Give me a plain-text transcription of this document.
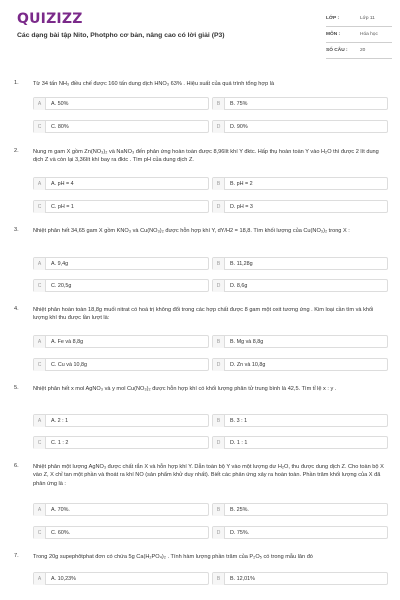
QUIZIZZ
Các dạng bài tập Nito, Photpho cơ bản, nâng cao có lời giải (P3)
LỚP :	Lớp 11
MÔN :	Hóa học
SỐ CÂU :	20
1.	Từ 34 tấn NH₃ điều chế được 160 tấn dung dịch HNO₃ 63% . Hiệu suất của quá trình tổng hợp là
A	A. 50%	B	B. 75%
C	C. 80%	D	D. 90%
2.	Nung m gam X gồm Zn(NO₃)₂ và NaNO₃ đến phản ứng hoàn toàn được 8,96lít khí Y đktc. Hấp thụ hoàn toàn Y vào H₂O thì được 2 lít dung dịch Z và còn lại 3,36lít khí bay ra đktc . Tìm pH của dung dịch Z.
A	A. pH = 4	B	B. pH = 2
C	C. pH = 1	D	D. pH = 3
3.	Nhiệt phân hết 34,65 gam X gồm KNO₃ và Cu(NO₃)₂ được hỗn hợp khí Y, dY/H2 = 18,8. Tìm khối lượng của Cu(NO₃)₂ trong X :
A	A. 9,4g	B	B. 11,28g
C	C. 20,5g	D	D. 8,6g
4.	Nhiệt phân hoàn toàn 18,8g muối nitrat có hoá trị không đổi trong các hợp chất được 8 gam một oxit tương ứng . Kim loại cần tìm và khối lượng khí thu được lần lượt là:
A	A. Fe và 8,8g	B	B. Mg và 8,8g
C	C. Cu và 10,8g	D	D. Zn và 10,8g
5.	Nhiệt phân hết x mol AgNO₃ và y mol Cu(NO₃)₂ được hỗn hợp khí có khối lượng phân tử trung bình là 42,5. Tìm tỉ lệ x : y .
A	A. 2 : 1	B	B. 3 : 1
C	C. 1 : 2	D	D. 1 : 1
6.	Nhiệt phân một lượng AgNO₃ được chất rắn X và hỗn hợp khí Y. Dẫn toàn bộ Y vào một lượng dư H₂O, thu được dung dịch Z. Cho toàn bộ X vào Z, X chỉ tan một phần và thoát ra khí NO (sản phẩm khử duy nhất). Biết các phản ứng xảy ra hoàn toàn. Phần trăm khối lượng của X đã phản ứng là :
A	A. 70%.	B	B. 25%.
C	C. 60%.	D	D. 75%.
7.	Trong 20g supephôtphat đơn có chứa 5g Ca(H₂PO₄)₂ . Tính hàm lượng phần trăm của P₂O₅ có trong mẫu lân đó
A	A. 10,23%	B	B. 12,01%
